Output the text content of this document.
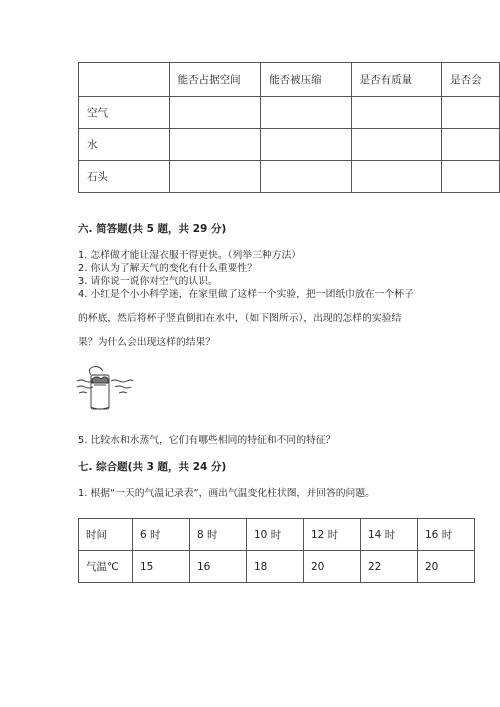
	能否占据空间	能否被压缩	是否有质量	是否会
空气				
水				
石头				
六. 简答题(共 5 题，共 29 分)
1. 怎样做才能让湿衣服干得更快。（列举三种方法）
2. 你认为了解天气的变化有什么重要性？
3. 请你说一说你对空气的认识。
4. 小红是个小小科学迷，在家里做了这样一个实验，把一团纸巾放在一个杯子
的杯底，然后将杯子竖直倒扣在水中，（如下图所示），出现的怎样的实验结
果？为什么会出现这样的结果？
5. 比较水和水蒸气，它们有哪些相同的特征和不同的特征？
七. 综合题(共 3 题，共 24 分)
1. 根据“一天的气温记录表”，画出气温变化柱状图，并回答的问题。
时间	6 时	8 时	10 时	12 时	14 时	16 时
气温℃	15	16	18	20	22	20
